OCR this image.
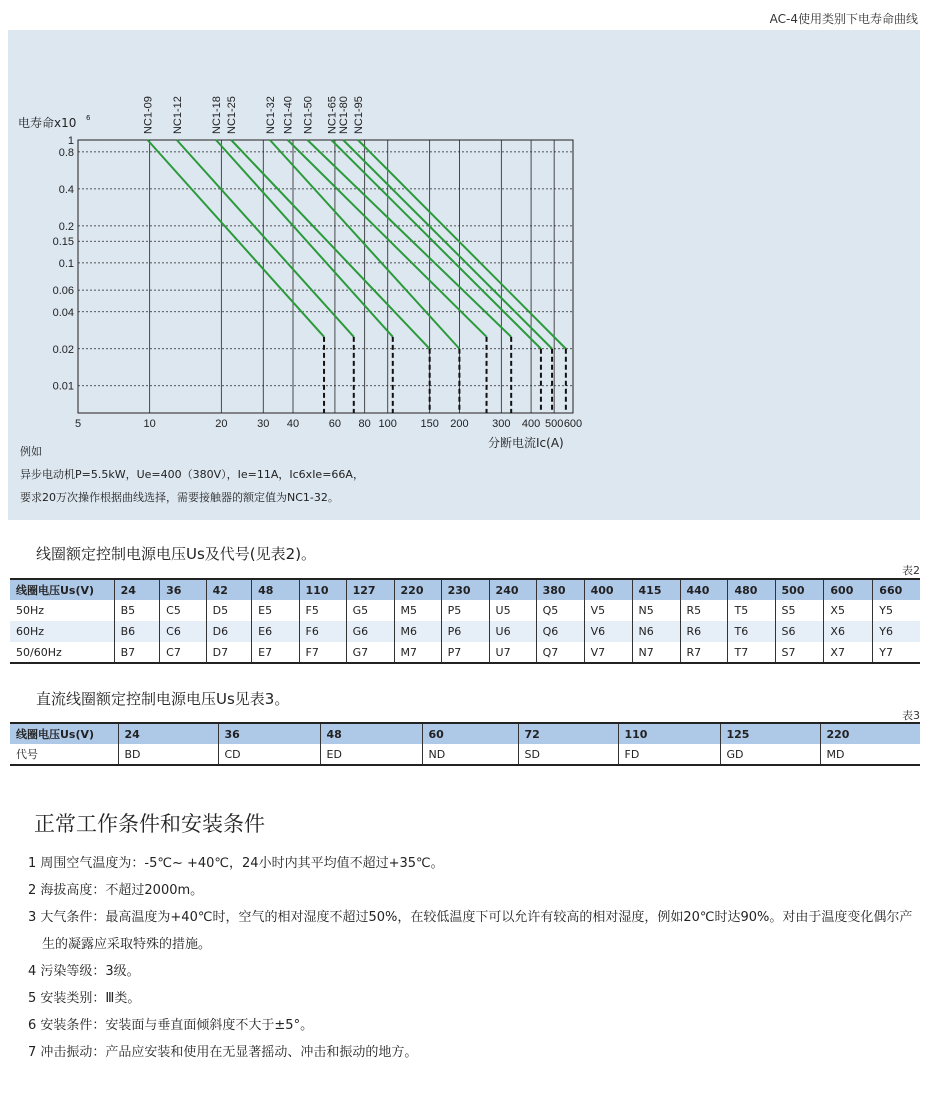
AC-4使用类别下电寿命曲线
5	10	20	30 40	60 80 100 150 200 300 400 500 600
1
0.8
0.4
0.2
0.15
0.1
0.06
0.04
0.02
0.01
电寿命x10 6
分断电流Ic(A)
NC1-09 NC1-12 NC1-18 NC1-25 NC1-32 NC1-40 NC1-50 NC1-65 NC1-80 NC1-95
例如
异步电动机P=5.5kW，Ue=400（380V），Ie=11A，Ic6xIe=66A，
要求20万次操作根据曲线选择，需要接触器的额定值为NC1-32。
线圈额定控制电源电压Us及代号(见表2)。
表2
线圈电压Us(V)	24	36	42	48	110	127	220	230	240	380	400	415	440	480	500	600	660
50Hz	B5	C5	D5	E5	F5	G5	M5	P5	U5	Q5	V5	N5	R5	T5	S5	X5	Y5
60Hz	B6	C6	D6	E6	F6	G6	M6	P6	U6	Q6	V6	N6	R6	T6	S6	X6	Y6
50/60Hz	B7	C7	D7	E7	F7	G7	M7	P7	U7	Q7	V7	N7	R7	T7	S7	X7	Y7
直流线圈额定控制电源电压Us见表3。
表3
线圈电压Us(V)	24	36	48	60	72	110	125	220
代号	BD	CD	ED	ND	SD	FD	GD	MD
正常工作条件和安装条件
1 周围空气温度为：-5℃~ +40℃，24小时内其平均值不超过+35℃。
2 海拔高度：不超过2000m。
3 大气条件：最高温度为+40℃时，空气的相对湿度不超过50%，在较低温度下可以允许有较高的相对湿度，例如20℃时达90%。对由于温度变化偶尔产生的凝露应采取特殊的措施。
4 污染等级：3级。
5 安装类别：Ⅲ类。
6 安装条件：安装面与垂直面倾斜度不大于±5°。
7 冲击振动：产品应安装和使用在无显著摇动、冲击和振动的地方。
